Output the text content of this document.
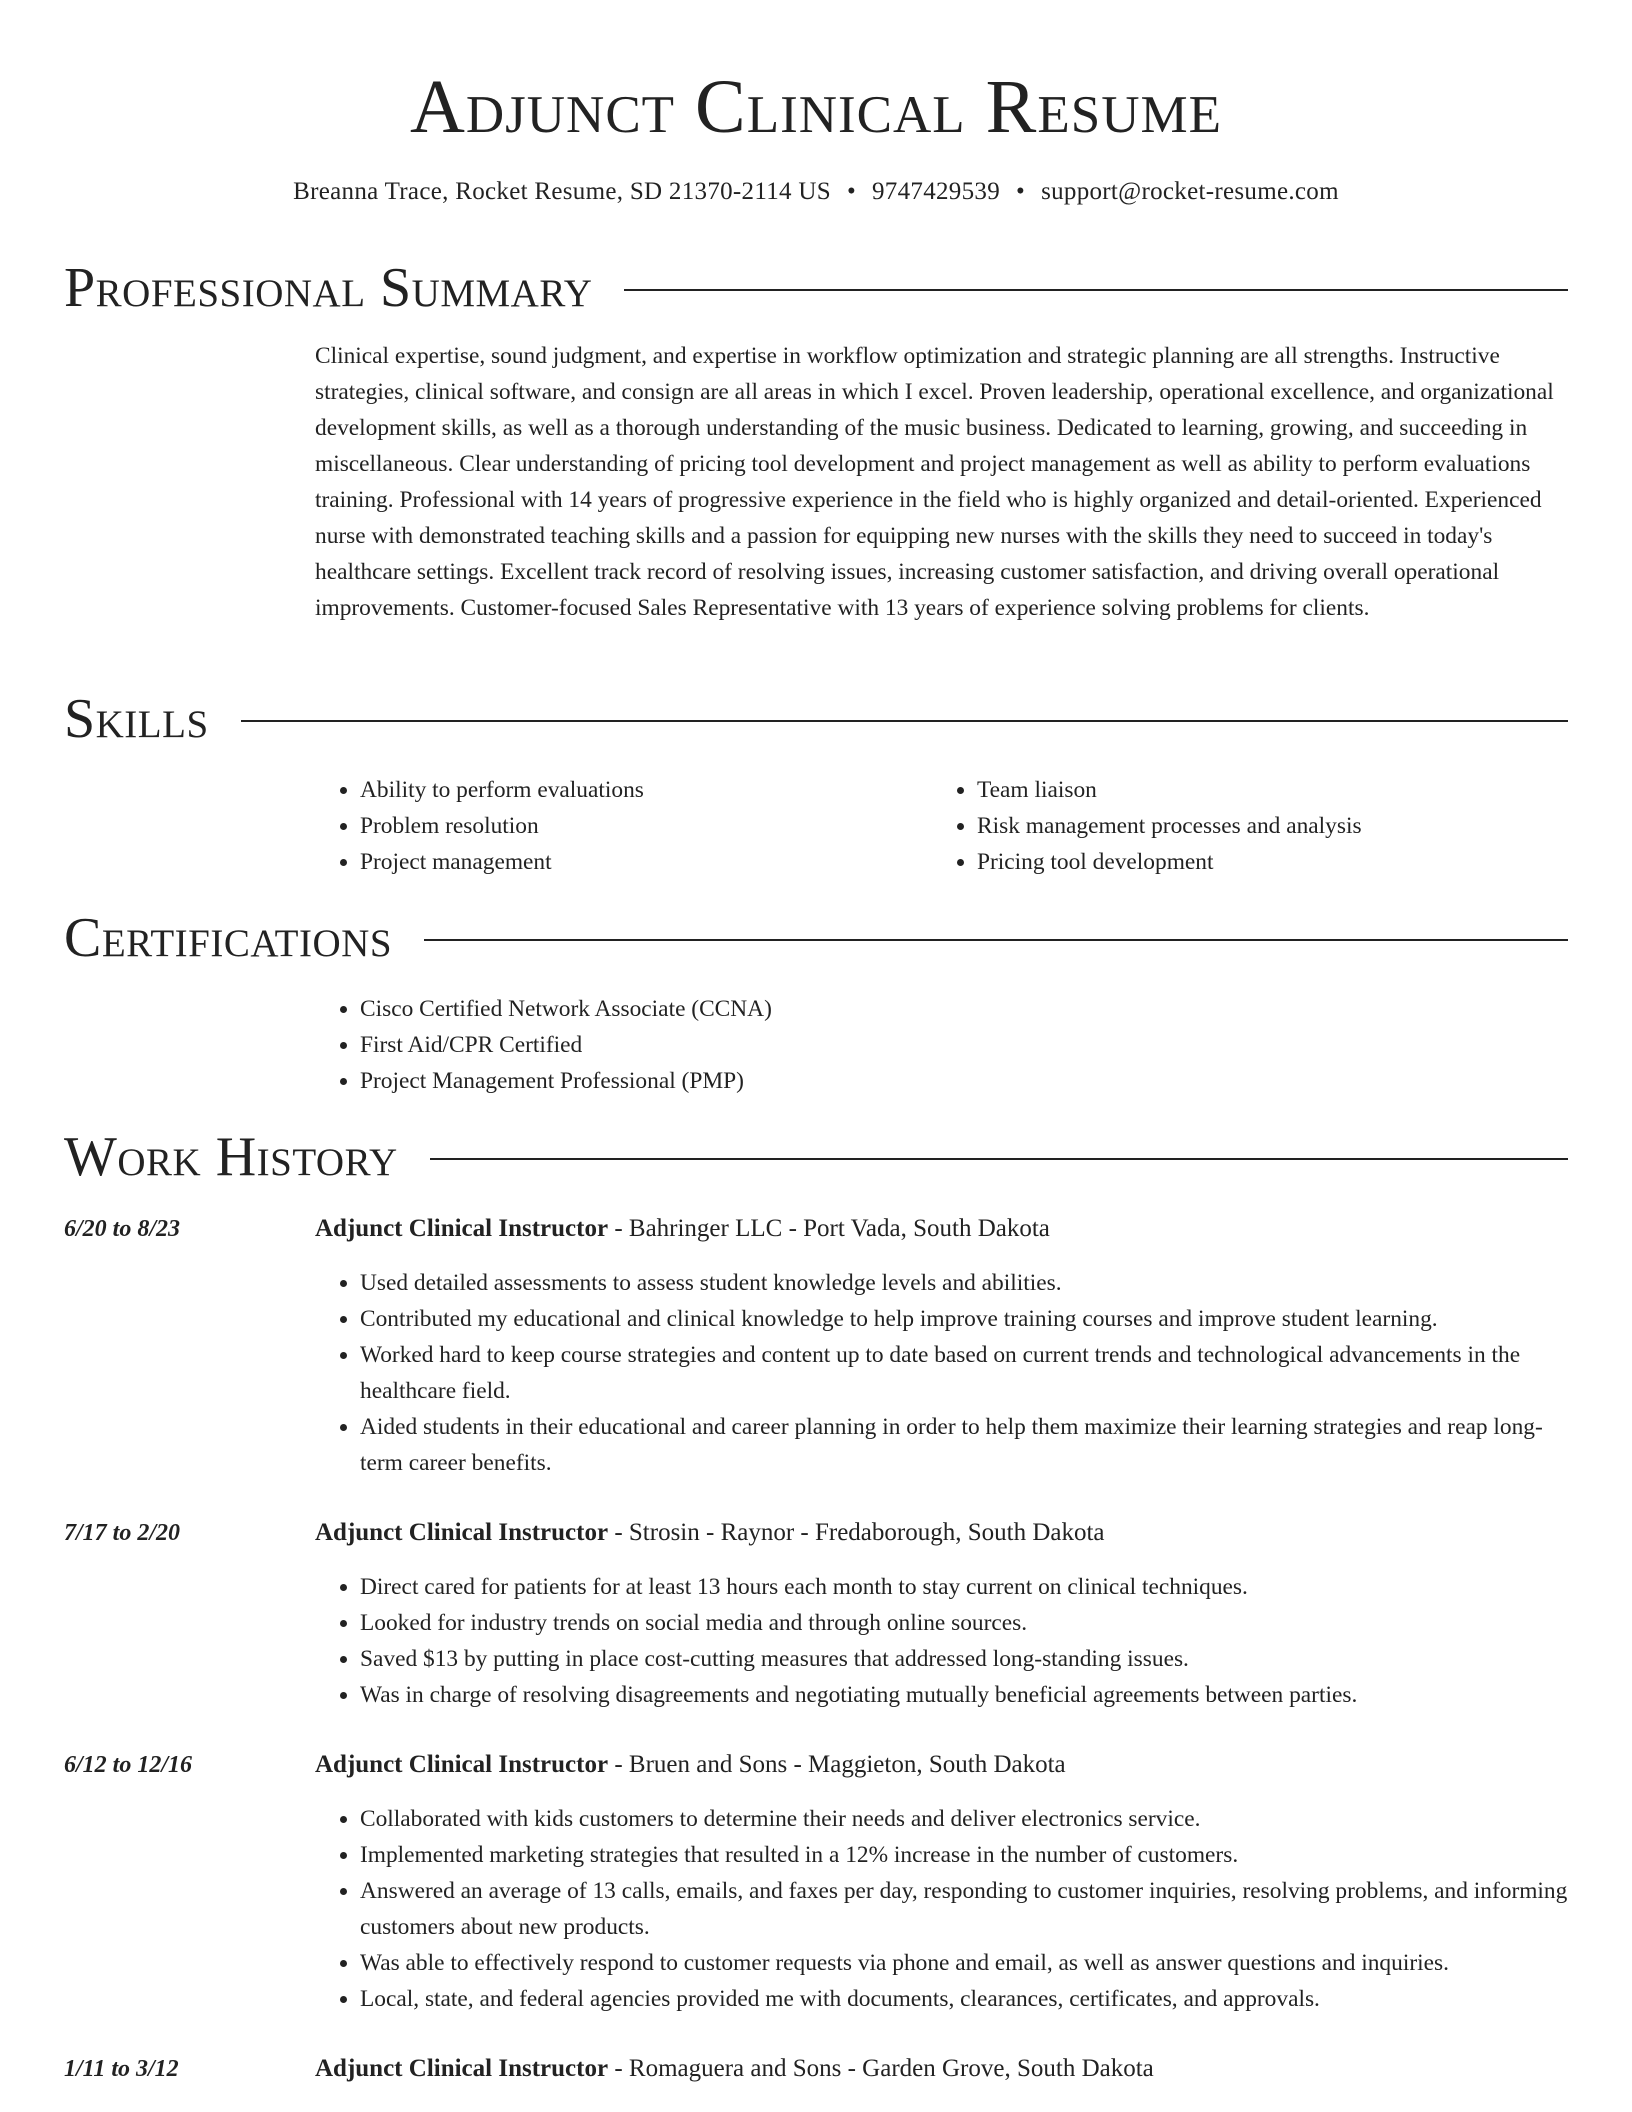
Adjunct Clinical Resume
Breanna Trace, Rocket Resume, SD 21370-2114 US • 9747429539 • support@rocket-resume.com
Professional Summary

Clinical expertise, sound judgment, and expertise in workflow optimization and strategic planning are all strengths. Instructive strategies, clinical software, and consign are all areas in which I excel. Proven leadership, operational excellence, and organizational development skills, as well as a thorough understanding of the music business. Dedicated to learning, growing, and succeeding in miscellaneous. Clear understanding of pricing tool development and project management as well as ability to perform evaluations training. Professional with 14 years of progressive experience in the field who is highly organized and detail-oriented. Experienced nurse with demonstrated teaching skills and a passion for equipping new nurses with the skills they need to succeed in today's healthcare settings. Excellent track record of resolving issues, increasing customer satisfaction, and driving overall operational improvements. Customer-focused Sales Representative with 13 years of experience solving problems for clients.

Skills
• Ability to perform evaluations
• Problem resolution
• Project management
• Team liaison
• Risk management processes and analysis
• Pricing tool development
Certifications
• Cisco Certified Network Associate (CCNA)
• First Aid/CPR Certified
• Project Management Professional (PMP)
Work History
6/20 to 8/23	Adjunct Clinical Instructor - Bahringer LLC - Port Vada, South Dakota
• Used detailed assessments to assess student knowledge levels and abilities.
• Contributed my educational and clinical knowledge to help improve training courses and improve student learning.
• Worked hard to keep course strategies and content up to date based on current trends and technological advancements in the healthcare field.
• Aided students in their educational and career planning in order to help them maximize their learning strategies and reap long-term career benefits.
7/17 to 2/20	Adjunct Clinical Instructor - Strosin - Raynor - Fredaborough, South Dakota
• Direct cared for patients for at least 13 hours each month to stay current on clinical techniques.
• Looked for industry trends on social media and through online sources.
• Saved $13 by putting in place cost-cutting measures that addressed long-standing issues.
• Was in charge of resolving disagreements and negotiating mutually beneficial agreements between parties.
6/12 to 12/16	Adjunct Clinical Instructor - Bruen and Sons - Maggieton, South Dakota
• Collaborated with kids customers to determine their needs and deliver electronics service.
• Implemented marketing strategies that resulted in a 12% increase in the number of customers.
• Answered an average of 13 calls, emails, and faxes per day, responding to customer inquiries, resolving problems, and informing customers about new products.
• Was able to effectively respond to customer requests via phone and email, as well as answer questions and inquiries.
• Local, state, and federal agencies provided me with documents, clearances, certificates, and approvals.
1/11 to 3/12	Adjunct Clinical Instructor - Romaguera and Sons - Garden Grove, South Dakota
